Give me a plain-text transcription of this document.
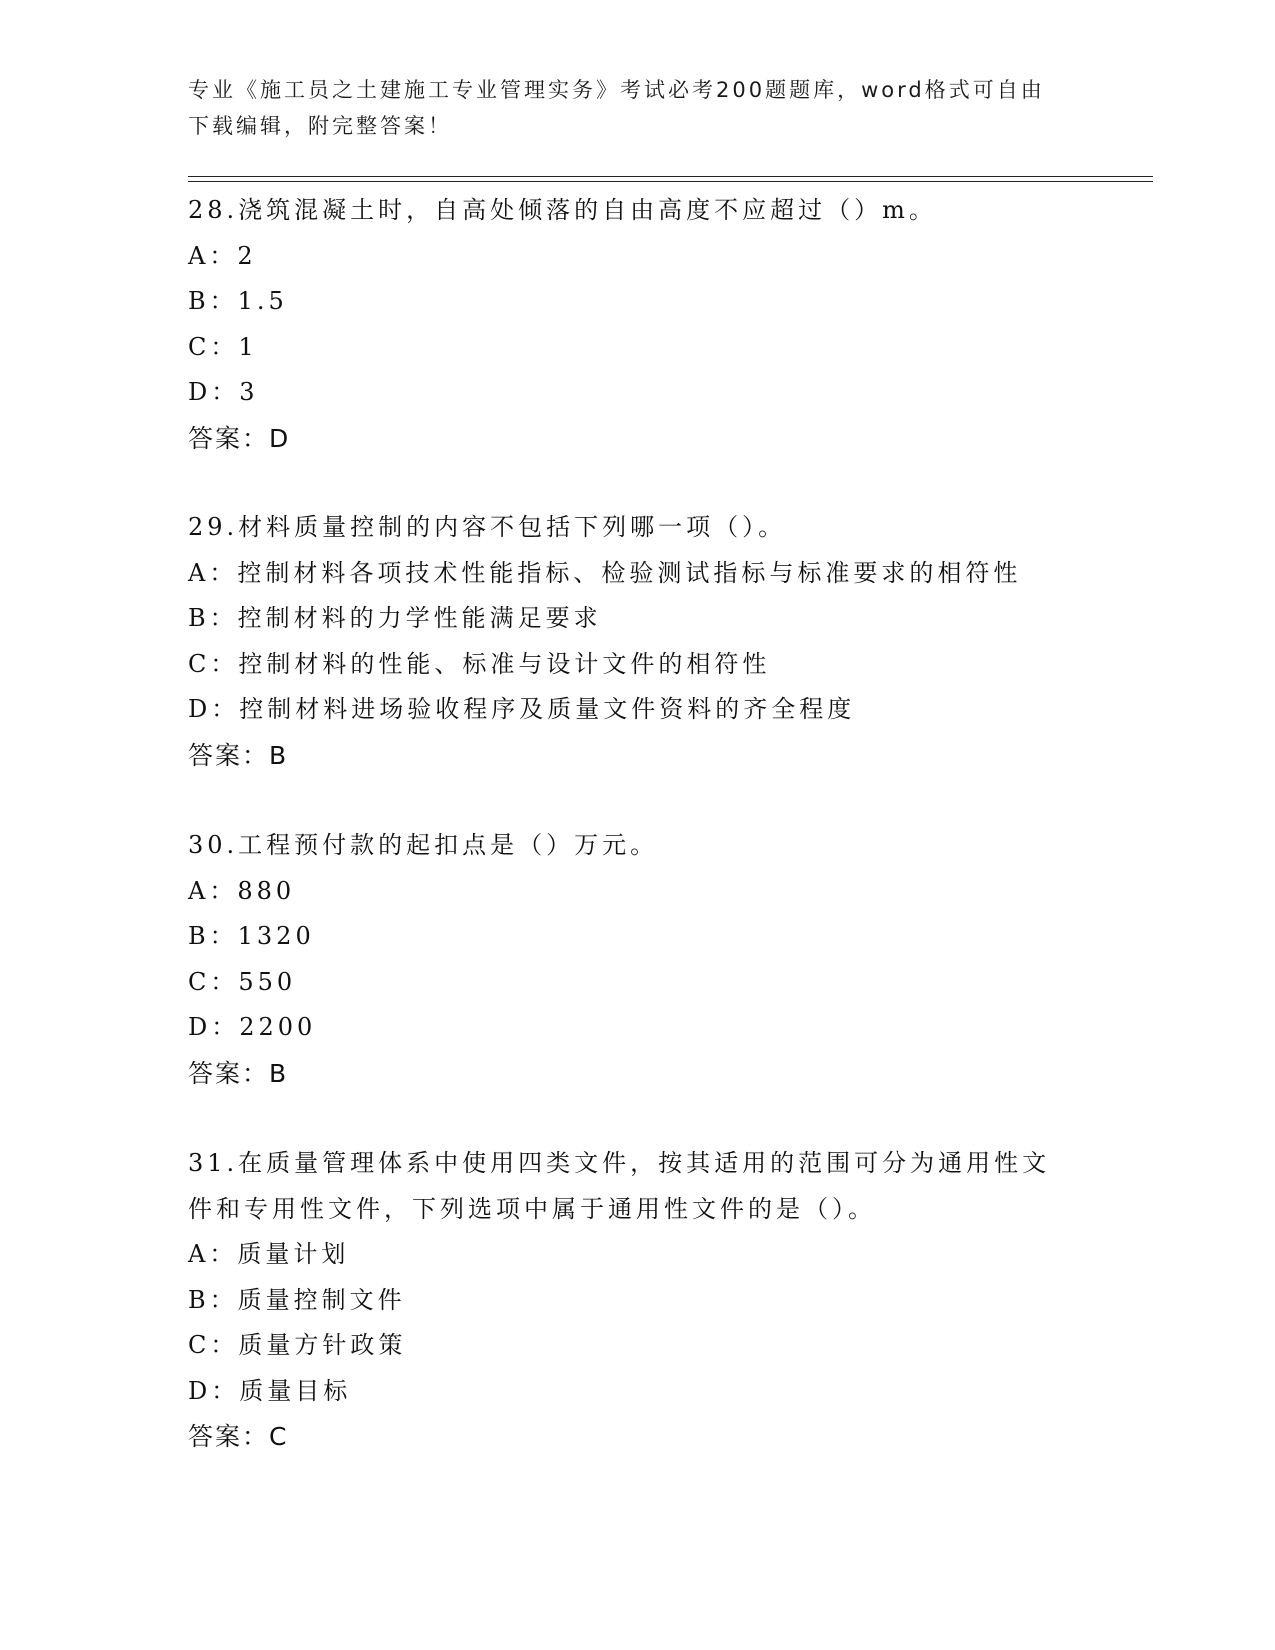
专业《施工员之土建施工专业管理实务》考试必考200题题库，word格式可自由
下载编辑，附完整答案！

28.浇筑混凝土时，自高处倾落的自由高度不应超过（）m。

A：2

B：1.5

C：1

D：3

答案：D

29.材料质量控制的内容不包括下列哪一项（）。

A：控制材料各项技术性能指标、检验测试指标与标准要求的相符性

B：控制材料的力学性能满足要求

C：控制材料的性能、标准与设计文件的相符性

D：控制材料进场验收程序及质量文件资料的齐全程度

答案：B

30.工程预付款的起扣点是（）万元。

A：880

B：1320

C：550

D：2200

答案：B

31.在质量管理体系中使用四类文件，按其适用的范围可分为通用性文

件和专用性文件，下列选项中属于通用性文件的是（）。

A：质量计划

B：质量控制文件

C：质量方针政策

D：质量目标

答案：C
